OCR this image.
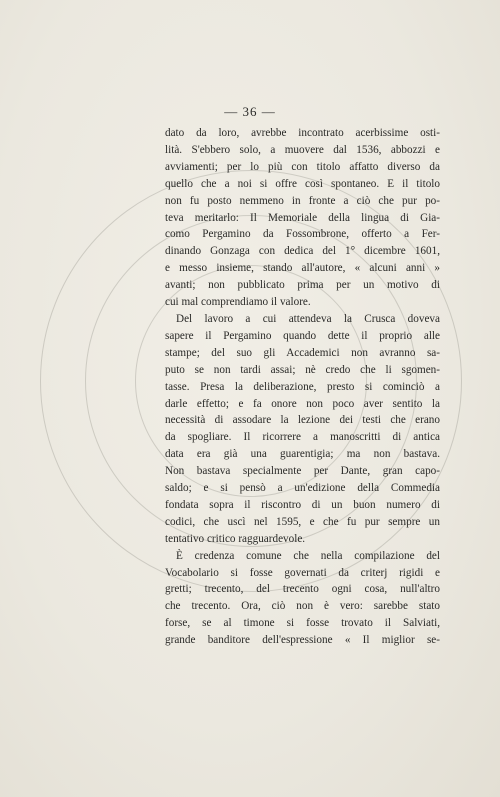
— 36 —

dato da loro, avrebbe incontrato acerbissime osti-
lità. S'ebbero solo, a muovere dal 1536, abbozzi e
avviamenti; per lo più con titolo affatto diverso da
quello che a noi si offre così spontaneo. E il titolo
non fu posto nemmeno in fronte a ciò che pur po-
teva meritarlo: Il Memoriale della lingua di Gia-
como Pergamino da Fossombrone, offerto a Fer-
dinando Gonzaga con dedica del 1° dicembre 1601,
e messo insieme, stando all'autore, « alcuni anni »
avanti; non pubblicato prima per un motivo di
cui mal comprendiamo il valore.

Del lavoro a cui attendeva la Crusca doveva
sapere il Pergamino quando dette il proprio alle
stampe; del suo gli Accademici non avranno sa-
puto se non tardi assai; nè credo che li sgomen-
tasse. Presa la deliberazione, presto si cominciò a
darle effetto; e fa onore non poco aver sentito la
necessità di assodare la lezione dei testi che erano
da spogliare. Il ricorrere a manoscritti di antica
data era già una guarentigia; ma non bastava.
Non bastava specialmente per Dante, gran capo-
saldo; e si pensò a un'edizione della Commedia
fondata sopra il riscontro di un buon numero di
codici, che uscì nel 1595, e che fu pur sempre un
tentativo critico ragguardevole.

È credenza comune che nella compilazione del
Vocabolario si fosse governati da criterj rigidi e
gretti; trecento, del trecento ogni cosa, null'altro
che trecento. Ora, ciò non è vero: sarebbe stato
forse, se al timone si fosse trovato il Salviati,
grande banditore dell'espressione « Il miglior se-
